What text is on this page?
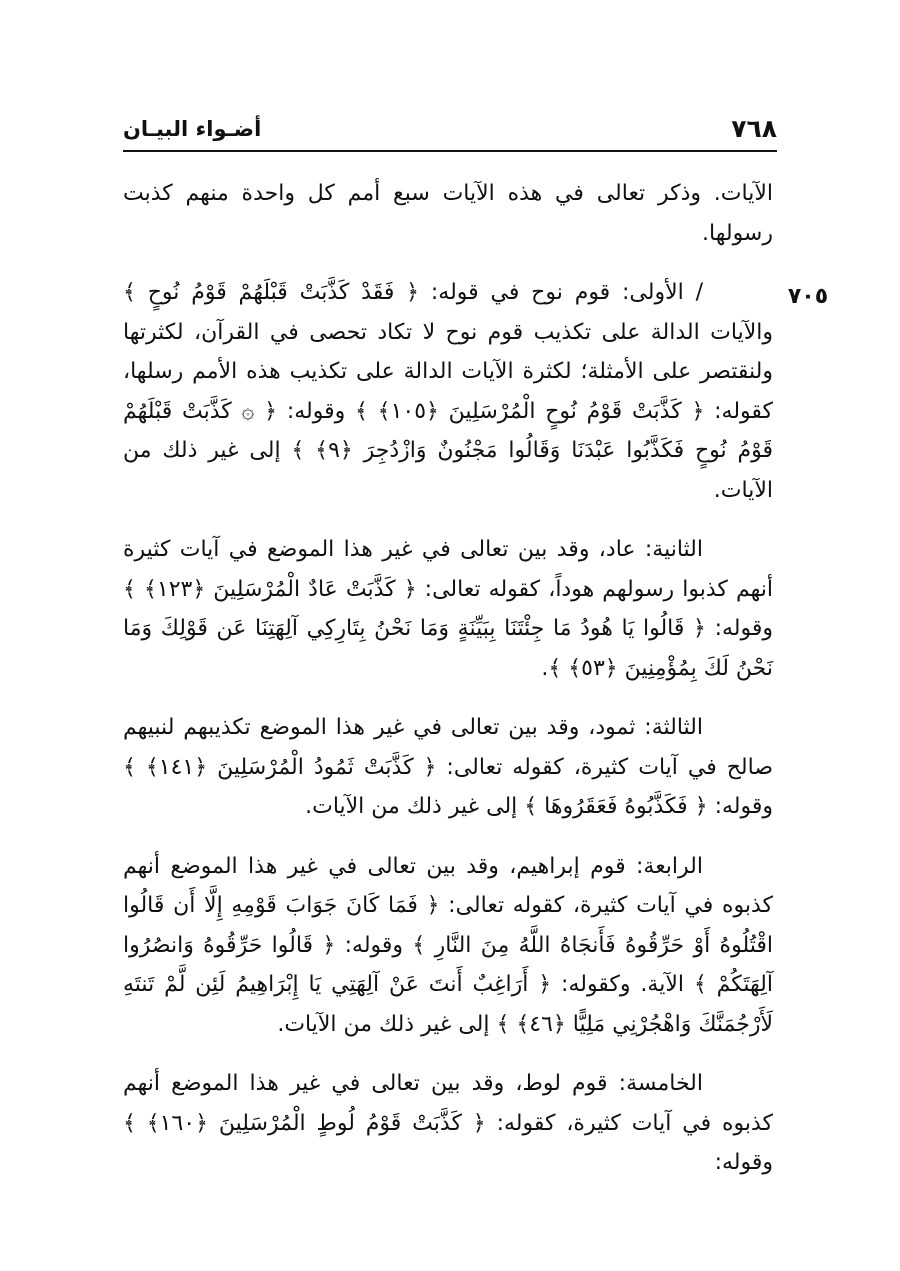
٧٦٨
أضـواء البيـان
٧٠٥

الآيات. وذكر تعالى في هذه الآيات سبع أمم كل واحدة منهم كذبت رسولها.

/ الأولى: قوم نوح في قوله: ﴿ فَقَدْ كَذَّبَتْ قَبْلَهُمْ قَوْمُ نُوحٍ ﴾ والآيات الدالة على تكذيب قوم نوح لا تكاد تحصى في القرآن، لكثرتها ولنقتصر على الأمثلة؛ لكثرة الآيات الدالة على تكذيب هذه الأمم رسلها، كقوله: ﴿ كَذَّبَتْ قَوْمُ نُوحٍ الْمُرْسَلِينَ ﴿١٠٥﴾ ﴾ وقوله: ﴿ ۞ كَذَّبَتْ قَبْلَهُمْ قَوْمُ نُوحٍ فَكَذَّبُوا عَبْدَنَا وَقَالُوا مَجْنُونٌ وَازْدُجِرَ ﴿٩﴾ ﴾ إلى غير ذلك من الآيات.

الثانية: عاد، وقد بين تعالى في غير هذا الموضع في آيات كثيرة أنهم كذبوا رسولهم هوداً، كقوله تعالى: ﴿ كَذَّبَتْ عَادٌ الْمُرْسَلِينَ ﴿١٢٣﴾ ﴾ وقوله: ﴿ قَالُوا يَا هُودُ مَا جِئْتَنَا بِبَيِّنَةٍ وَمَا نَحْنُ بِتَارِكِي آلِهَتِنَا عَن قَوْلِكَ وَمَا نَحْنُ لَكَ بِمُؤْمِنِينَ ﴿٥٣﴾ ﴾.

الثالثة: ثمود، وقد بين تعالى في غير هذا الموضع تكذيبهم لنبيهم صالح في آيات كثيرة، كقوله تعالى: ﴿ كَذَّبَتْ ثَمُودُ الْمُرْسَلِينَ ﴿١٤١﴾ ﴾ وقوله: ﴿ فَكَذَّبُوهُ فَعَقَرُوهَا ﴾ إلى غير ذلك من الآيات.

الرابعة: قوم إبراهيم، وقد بين تعالى في غير هذا الموضع أنهم كذبوه في آيات كثيرة، كقوله تعالى: ﴿ فَمَا كَانَ جَوَابَ قَوْمِهِ إِلَّا أَن قَالُوا اقْتُلُوهُ أَوْ حَرِّقُوهُ فَأَنجَاهُ اللَّهُ مِنَ النَّارِ ﴾ وقوله: ﴿ قَالُوا حَرِّقُوهُ وَانصُرُوا آلِهَتَكُمْ ﴾ الآية. وكقوله: ﴿ أَرَاغِبٌ أَنتَ عَنْ آلِهَتِي يَا إِبْرَاهِيمُ لَئِن لَّمْ تَنتَهِ لَأَرْجُمَنَّكَ وَاهْجُرْنِي مَلِيًّا ﴿٤٦﴾ ﴾ إلى غير ذلك من الآيات.

الخامسة: قوم لوط، وقد بين تعالى في غير هذا الموضع أنهم كذبوه في آيات كثيرة، كقوله: ﴿ كَذَّبَتْ قَوْمُ لُوطٍ الْمُرْسَلِينَ ﴿١٦٠﴾ ﴾ وقوله:
